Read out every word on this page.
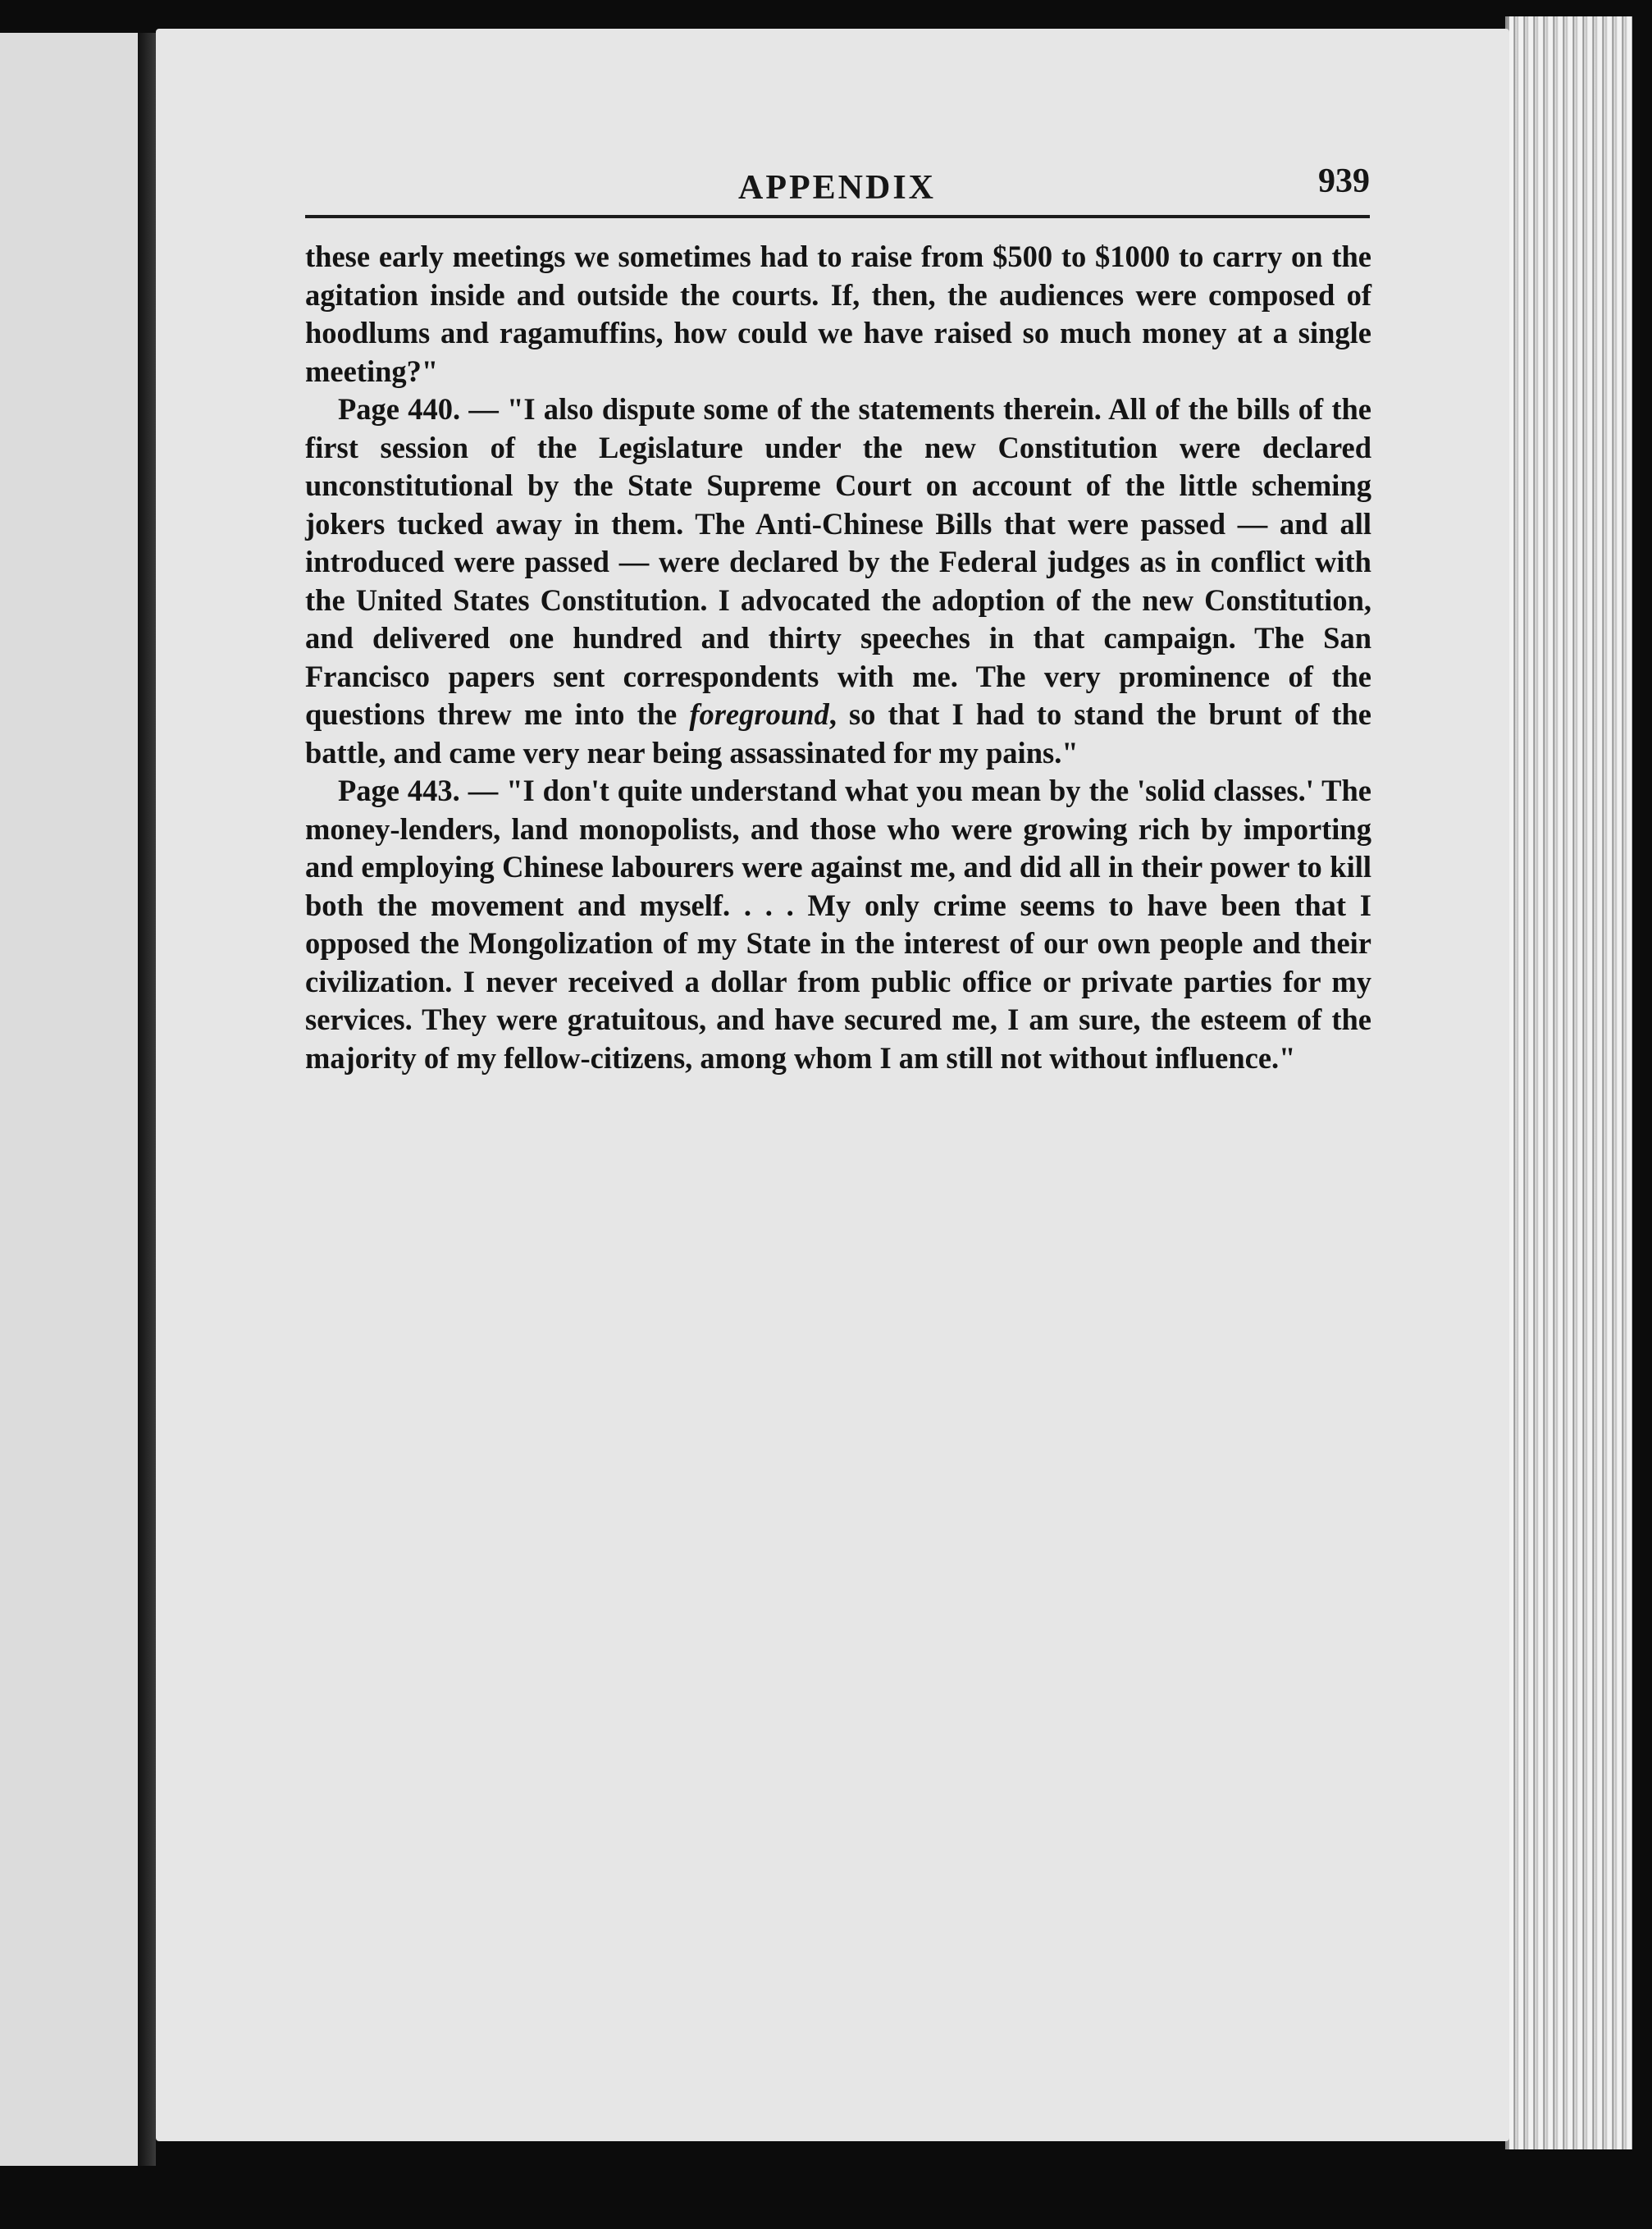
APPENDIX	939

these early meetings we sometimes had to raise from $500 to $1000 to carry on the agitation inside and outside the courts. If, then, the audiences were composed of hoodlums and ragamuffins, how could we have raised so much money at a single meeting?"

Page 440. — "I also dispute some of the statements therein. All of the bills of the first session of the Legislature under the new Constitution were declared unconstitutional by the State Supreme Court on account of the little scheming jokers tucked away in them. The Anti-Chinese Bills that were passed — and all introduced were passed — were declared by the Federal judges as in conflict with the United States Constitution. I advocated the adoption of the new Constitution, and delivered one hundred and thirty speeches in that campaign. The San Francisco papers sent correspondents with me. The very prominence of the questions threw me into the foreground, so that I had to stand the brunt of the battle, and came very near being assassinated for my pains."

Page 443. — "I don't quite understand what you mean by the 'solid classes.' The money-lenders, land monopolists, and those who were growing rich by importing and employing Chinese labourers were against me, and did all in their power to kill both the movement and myself. . . . My only crime seems to have been that I opposed the Mongolization of my State in the interest of our own people and their civilization. I never received a dollar from public office or private parties for my services. They were gratuitous, and have secured me, I am sure, the esteem of the majority of my fellow-citizens, among whom I am still not without influence."
